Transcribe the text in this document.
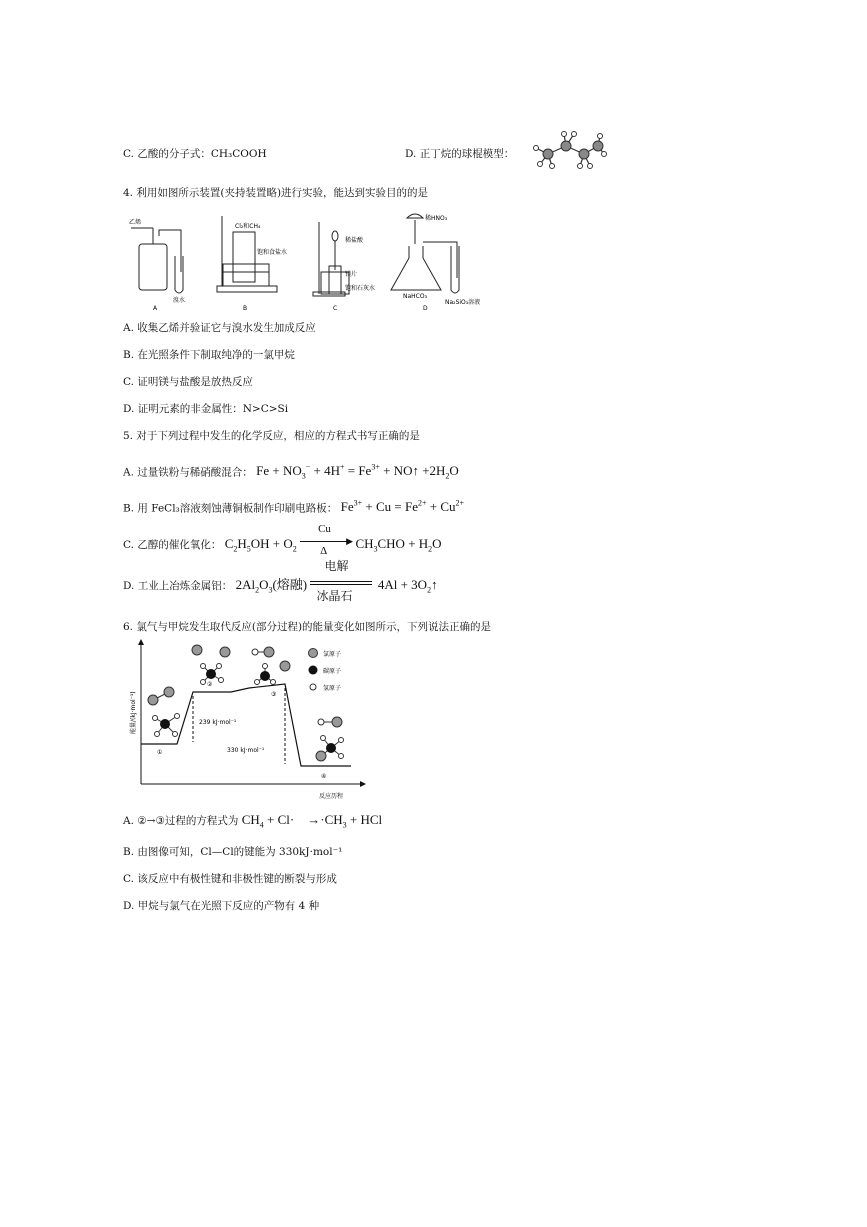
C. 乙酸的分子式：CH₃COOH	D. 正丁烷的球棍模型：
4. 利用如图所示装置(夹持装置略)进行实验，能达到实验目的的是
乙烯
溴水
Cl₂和CH₄
饱和食盐水
稀盐酸
镁片
饱和石灰水
稀HNO₃
NaHCO₃
Na₂SiO₃溶液
A	B	C	D
A. 收集乙烯并验证它与溴水发生加成反应
B. 在光照条件下制取纯净的一氯甲烷
C. 证明镁与盐酸是放热反应
D. 证明元素的非金属性：N>C>Si
5. 对于下列过程中发生的化学反应，相应的方程式书写正确的是
A. 过量铁粉与稀硝酸混合： $Fe + NO_3^- + 4H^+ = Fe^{3+}$ + NO↑ $+2H_2O$
B. 用 FeCl₃溶液刻蚀薄铜板制作印刷电路板： $Fe^{3+} + Cu = Fe^{2+} + Cu^{2+}$
C. 乙醇的催化氧化： $C_2H_5OH + O_2$
Cu
▶
Δ $CH_3CHO + H_2O$
D. 工业上冶炼金属铝： $2Al_2O_3$(熔融)
电解
冰晶石
$4Al + 3O_2↑$
6. 氯气与甲烷发生取代反应(部分过程)的能量变化如图所示，下列说法正确的是
能量/(kJ·mol⁻¹)
反应历程
239 kJ·mol⁻¹
330 kJ·mol⁻¹
①
②
③
④
氯原子
碳原子
氢原子
A. ②→③过程的方程式为 $CH_4 + Cl\cdot$    $\to\cdot CH_3$ + HCl
B. 由图像可知，Cl—Cl的键能为 330kJ·mol⁻¹
C. 该反应中有极性键和非极性键的断裂与形成
D. 甲烷与氯气在光照下反应的产物有 4 种
